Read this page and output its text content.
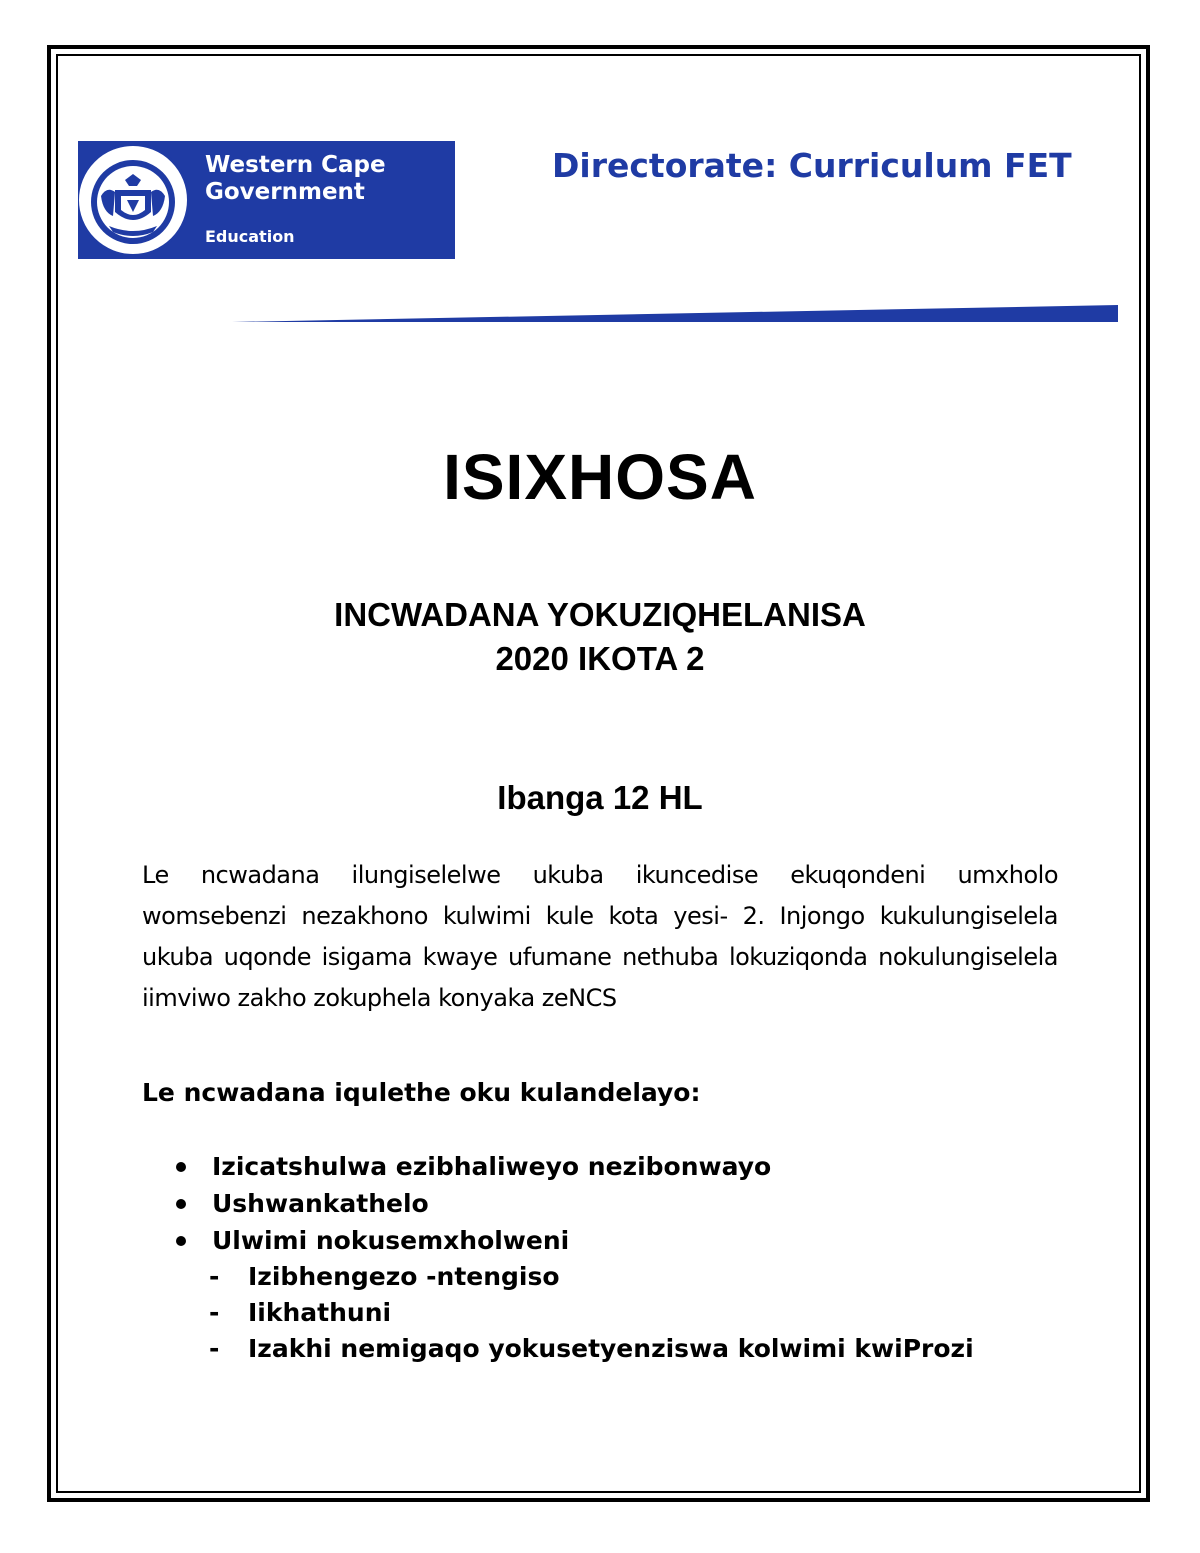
Western Cape
Government
Education
Directorate: Curriculum FET
ISIXHOSA
INCWADANA YOKUZIQHELANISA
2020 IKOTA 2
Ibanga 12 HL
Le ncwadana ilungiselelwe ukuba ikuncedise ekuqondeni umxholo womsebenzi nezakhono kulwimi kule kota yesi- 2. Injongo kukulungiselela ukuba uqonde isigama kwaye ufumane nethuba lokuziqonda nokulungiselela iimviwo zakho zokuphela konyaka zeNCS
Le ncwadana iqulethe oku kulandelayo:
Izicatshulwa ezibhaliweyo nezibonwayo
Ushwankathelo
Ulwimi nokusemxholweni
- Izibhengezo -ntengiso
- Iikhathuni
- Izakhi nemigaqo yokusetyenziswa kolwimi kwiProzi
